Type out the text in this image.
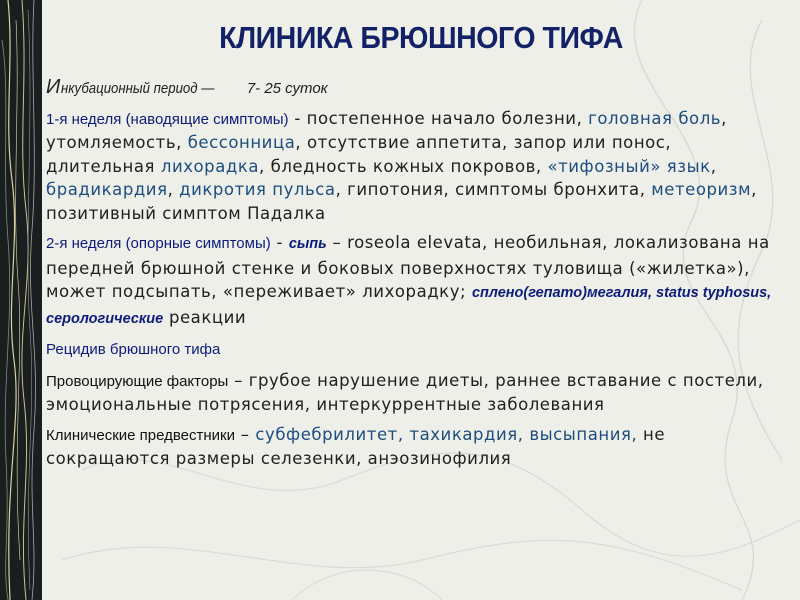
КЛИНИКА БРЮШНОГО ТИФА

Инкубационный период — 7- 25 суток

1-я неделя (наводящие симптомы) - постепенное начало болезни, головная боль, утомляемость, бессонница, отсутствие аппетита, запор или понос, длительная лихорадка, бледность кожных покровов, «тифозный» язык, брадикардия, дикротия пульса, гипотония, симптомы бронхита, метеоризм, позитивный симптом Падалка

2-я неделя (опорные симптомы) - сыпь – roseola elevata, необильная, локализована на передней брюшной стенке и боковых поверхностях туловища («жилетка»), может подсыпать, «переживает» лихорадку; сплено(гепато)мегалия, status typhosus, серологические реакции

Рецидив брюшного тифа

Провоцирующие факторы – грубое нарушение диеты, раннее вставание с постели, эмоциональные потрясения, интеркуррентные заболевания

Клинические предвестники – субфебрилитет, тахикардия, высыпания, не сокращаются размеры селезенки, анэозинофилия
